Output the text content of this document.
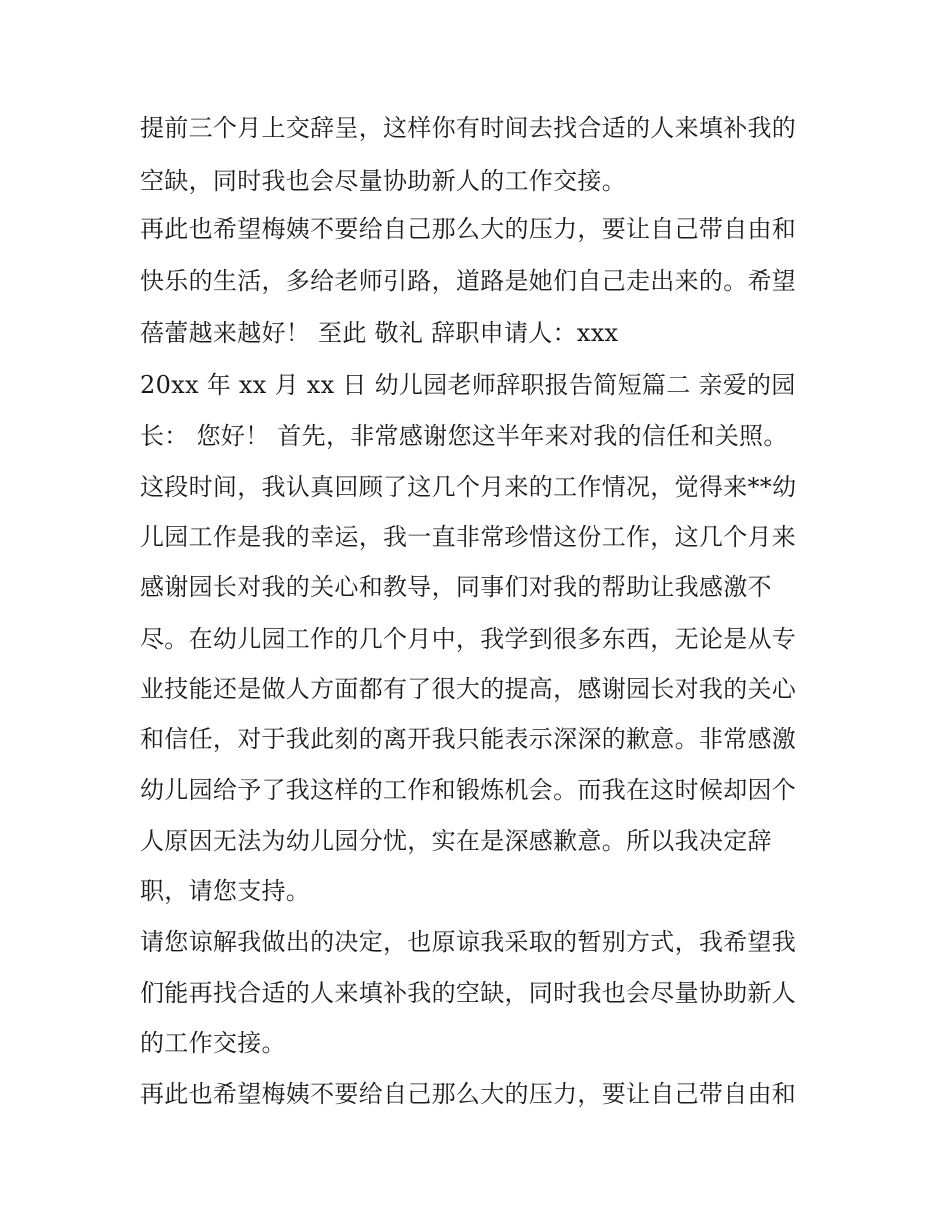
提前三个月上交辞呈，这样你有时间去找合适的人来填补我的
空缺，同时我也会尽量协助新人的工作交接。
再此也希望梅姨不要给自己那么大的压力，要让自己带自由和
快乐的生活，多给老师引路，道路是她们自己走出来的。希望
蓓蕾越来越好！ 至此 敬礼 辞职申请人：xxx
20xx 年 xx 月 xx 日 幼儿园老师辞职报告简短篇二 亲爱的园
长： 您好！ 首先，非常感谢您这半年来对我的信任和关照。
这段时间，我认真回顾了这几个月来的工作情况，觉得来**幼
儿园工作是我的幸运，我一直非常珍惜这份工作，这几个月来
感谢园长对我的关心和教导，同事们对我的帮助让我感激不
尽。在幼儿园工作的几个月中，我学到很多东西，无论是从专
业技能还是做人方面都有了很大的提高，感谢园长对我的关心
和信任，对于我此刻的离开我只能表示深深的歉意。非常感激
幼儿园给予了我这样的工作和锻炼机会。而我在这时候却因个
人原因无法为幼儿园分忧，实在是深感歉意。所以我决定辞
职，请您支持。
请您谅解我做出的决定，也原谅我采取的暂别方式，我希望我
们能再找合适的人来填补我的空缺，同时我也会尽量协助新人
的工作交接。
再此也希望梅姨不要给自己那么大的压力，要让自己带自由和
